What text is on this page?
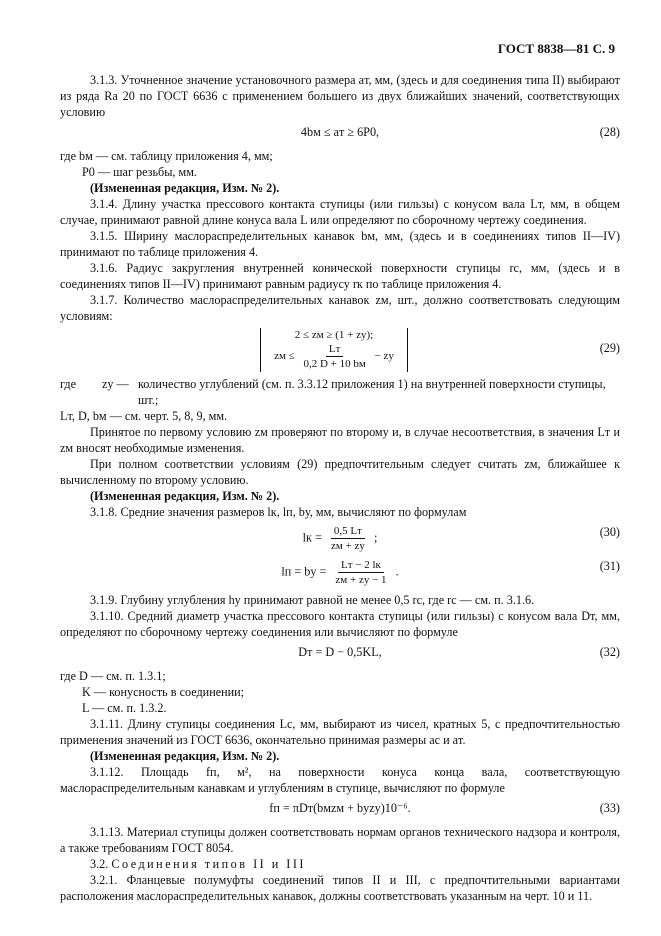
ГОСТ 8838—81 С. 9

3.1.3. Уточненное значение установочного размера aт, мм, (здесь и для соединения типа II) выбирают из ряда Ra 20 по ГОСТ 6636 с применением большего из двух ближайших значений, соответствующих условию

4bм ≤ aт ≥ 6P0,	(28)

где bм — см. таблицу приложения 4, мм;

P0 — шаг резьбы, мм.

(Измененная редакция, Изм. № 2).

3.1.4. Длину участка прессового контакта ступицы (или гильзы) с конусом вала Lт, мм, в общем случае, принимают равной длине конуса вала L или определяют по сборочному чертежу соединения.

3.1.5. Ширину маслораспределительных канавок bм, мм, (здесь и в соединениях типов II—IV) принимают по таблице приложения 4.

3.1.6. Радиус закругления внутренней конической поверхности ступицы rс, мм, (здесь и в соединениях типов II—IV) принимают равным радиусу rк по таблице приложения 4.

3.1.7. Количество маслораспределительных канавок zм, шт., должно соответствовать следующим условиям:

2 ≤ zм ≥ (1 + zу);
zм ≤ $\frac{Lт}{0,2 D + 10 bм}$ − zу
(29)
где	zу — количество углублений (см. п. 3.3.12 приложения 1) на внутренней поверхности ступицы, шт.;

Lт, D, bм — см. черт. 5, 8, 9, мм.

Принятое по первому условию zм проверяют по второму и, в случае несоответствия, в значения Lт и zм вносят необходимые изменения.

При полном соответствии условиям (29) предпочтительным следует считать zм, ближайшее к вычисленному по второму условию.

(Измененная редакция, Изм. № 2).

3.1.8. Средние значения размеров lк, lп, bу, мм, вычисляют по формулам

lк = $\frac{0,5 Lт}{zм + zу}$ ;	(30)
lп = bу = $\frac{Lт - 2 lк}{zм + zу - 1}$ .	(31)

3.1.9. Глубину углубления hу принимают равной не менее 0,5 rс, где rс — см. п. 3.1.6.

3.1.10. Средний диаметр участка прессового контакта ступицы (или гильзы) с конусом вала Dт, мм, определяют по сборочному чертежу соединения или вычисляют по формуле

Dт = D − 0,5KL,	(32)

где D — см. п. 1.3.1;

K — конусность в соединении;

L — см. п. 1.3.2.

3.1.11. Длину ступицы соединения Lс, мм, выбирают из чисел, кратных 5, с предпочтительностью применения значений из ГОСТ 6636, окончательно принимая размеры aс и aт.

(Измененная редакция, Изм. № 2).

3.1.12. Площадь fп, м², на поверхности конуса конца вала, соответствующую маслораспределительным канавкам и углублениям в ступице, вычисляют по формуле

fп = πDт(bмzм + bуzу)10⁻⁶.	(33)

3.1.13. Материал ступицы должен соответствовать нормам органов технического надзора и контроля, а также требованиям ГОСТ 8054.

3.2. Соединения типов II и III

3.2.1. Фланцевые полумуфты соединений типов II и III, с предпочтительными вариантами расположения маслораспределительных канавок, должны соответствовать указанным на черт. 10 и 11.
